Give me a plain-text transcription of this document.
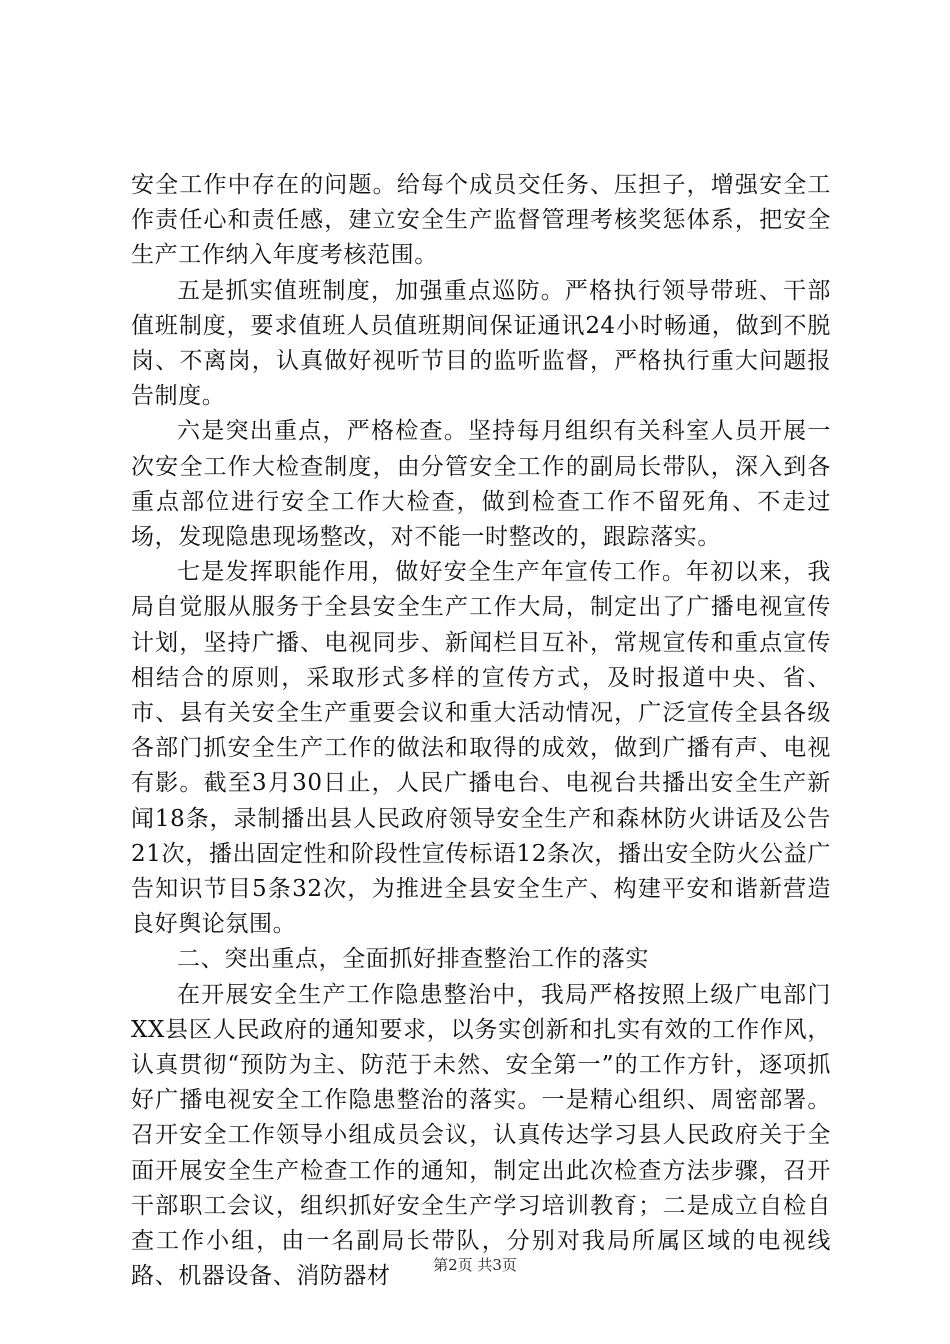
安全工作中存在的问题。给每个成员交任务、压担子，增强安全工作责任心和责任感，建立安全生产监督管理考核奖惩体系，把安全生产工作纳入年度考核范围。

五是抓实值班制度，加强重点巡防。严格执行领导带班、干部值班制度，要求值班人员值班期间保证通讯24小时畅通，做到不脱岗、不离岗，认真做好视听节目的监听监督，严格执行重大问题报告制度。

六是突出重点，严格检查。坚持每月组织有关科室人员开展一次安全工作大检查制度，由分管安全工作的副局长带队，深入到各重点部位进行安全工作大检查，做到检查工作不留死角、不走过场，发现隐患现场整改，对不能一时整改的，跟踪落实。

七是发挥职能作用，做好安全生产年宣传工作。年初以来，我局自觉服从服务于全县安全生产工作大局，制定出了广播电视宣传计划，坚持广播、电视同步、新闻栏目互补，常规宣传和重点宣传相结合的原则，采取形式多样的宣传方式，及时报道中央、省、市、县有关安全生产重要会议和重大活动情况，广泛宣传全县各级各部门抓安全生产工作的做法和取得的成效，做到广播有声、电视有影。截至3月30日止，人民广播电台、电视台共播出安全生产新闻18条，录制播出县人民政府领导安全生产和森林防火讲话及公告21次，播出固定性和阶段性宣传标语12条次，播出安全防火公益广告知识节目5条32次，为推进全县安全生产、构建平安和谐新营造良好舆论氛围。

二、突出重点，全面抓好排查整治工作的落实

在开展安全生产工作隐患整治中，我局严格按照上级广电部门XX县区人民政府的通知要求，以务实创新和扎实有效的工作作风，认真贯彻“预防为主、防范于未然、安全第一”的工作方针，逐项抓好广播电视安全工作隐患整治的落实。一是精心组织、周密部署。召开安全工作领导小组成员会议，认真传达学习县人民政府关于全面开展安全生产检查工作的通知，制定出此次检查方法步骤，召开干部职工会议，组织抓好安全生产学习培训教育；二是成立自检自查工作小组，由一名副局长带队，分别对我局所属区域的电视线路、机器设备、消防器材	第2页 共3页
